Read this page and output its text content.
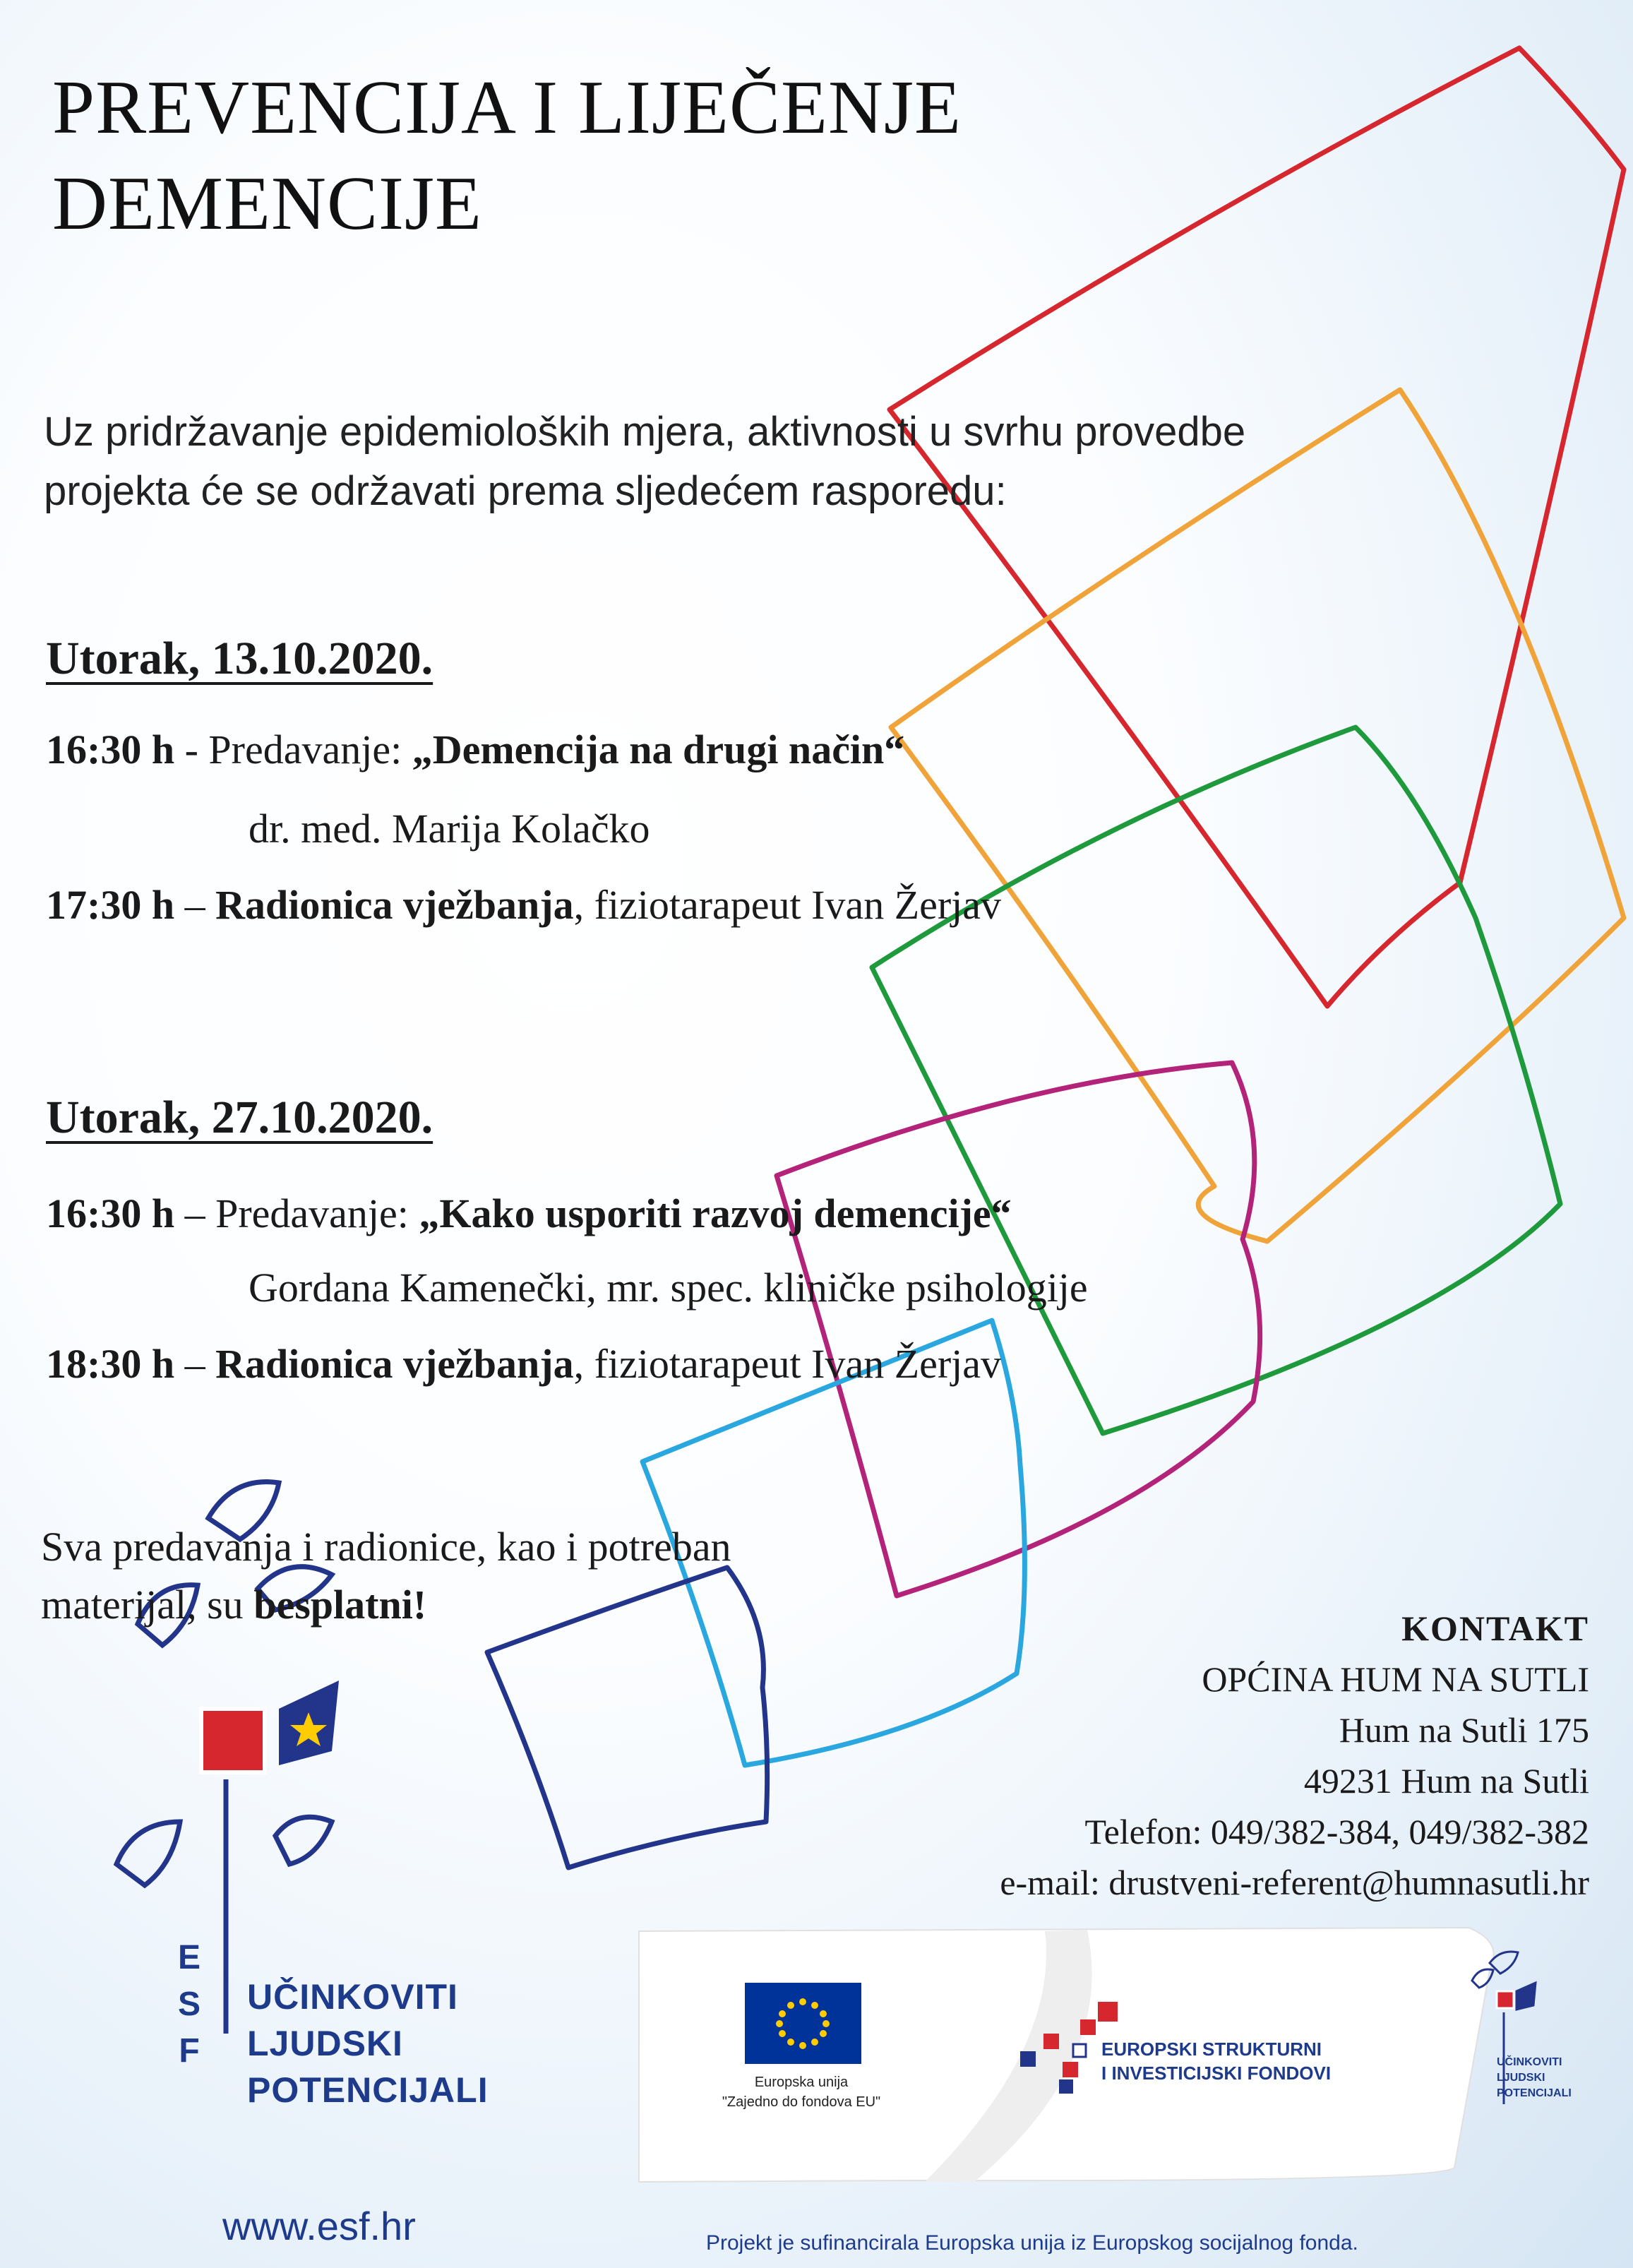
PREVENCIJA I LIJEČENJE
DEMENCIJE
Uz pridržavanje epidemioloških mjera, aktivnosti u svrhu provedbe
projekta će se održavati prema sljedećem rasporedu:
Utorak, 13.10.2020.
16:30 h - Predavanje: „Demencija na drugi način“
dr. med. Marija Kolačko
17:30 h – Radionica vježbanja, fiziotarapeut Ivan Žerjav
Utorak, 27.10.2020.
16:30 h – Predavanje: „Kako usporiti razvoj demencije“
Gordana Kamenečki, mr. spec. kliničke psihologije
18:30 h – Radionica vježbanja, fiziotarapeut Ivan Žerjav
Sva predavanja i radionice, kao i potreban
materijal, su besplatni!
KONTAKT
OPĆINA HUM NA SUTLI
Hum na Sutli 175
49231 Hum na Sutli
Telefon: 049/382-384, 049/382-382
e-mail: drustveni-referent@humnasutli.hr
E
S
F
UČINKOVITI
LJUDSKI
POTENCIJALI
www.esf.hr
Europska unija
"Zajedno do fondova EU"
EUROPSKI STRUKTURNI
I INVESTICIJSKI FONDOVI
UČINKOVITI
LJUDSKI
POTENCIJALI
Projekt je sufinancirala Europska unija iz Europskog socijalnog fonda.
